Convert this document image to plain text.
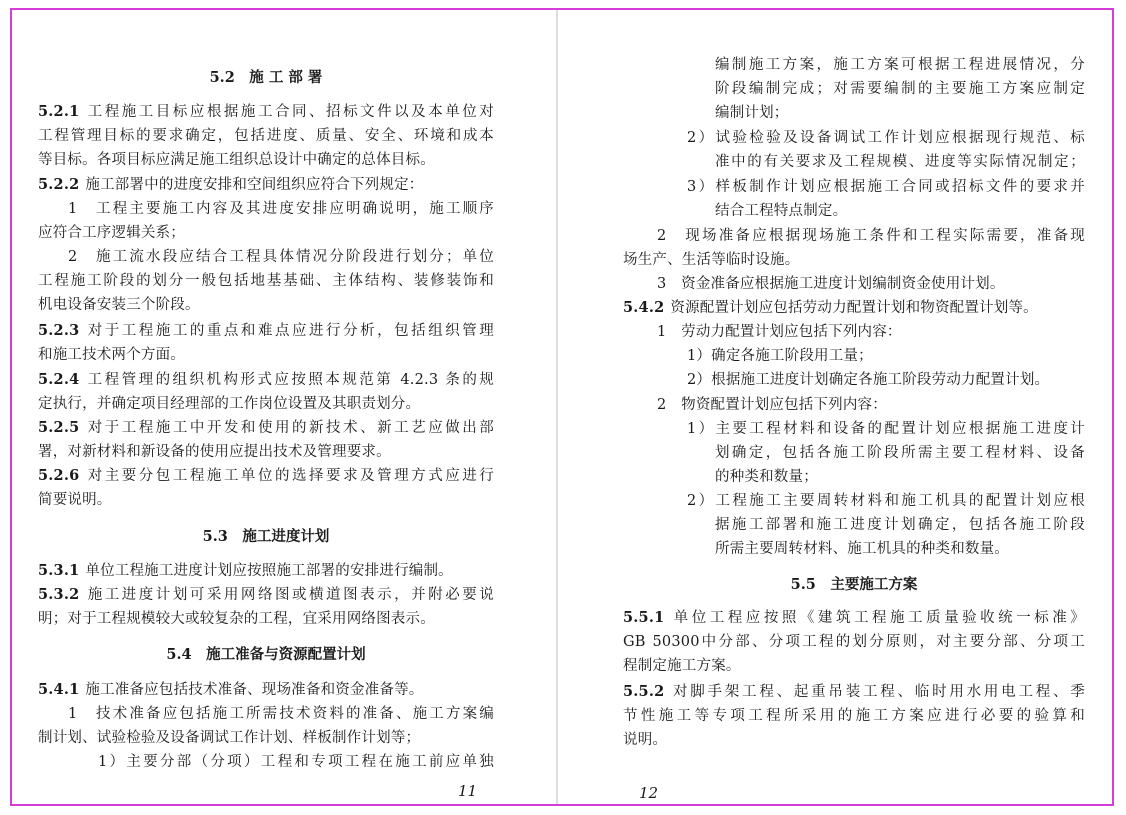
5.2　施 工 部 署
5.2.1 工程施工目标应根据施工合同、招标文件以及本单位对
工程管理目标的要求确定，包括进度、质量、安全、环境和成本
等目标。各项目标应满足施工组织总设计中确定的总体目标。
5.2.2 施工部署中的进度安排和空间组织应符合下列规定：
1　工程主要施工内容及其进度安排应明确说明，施工顺序
应符合工序逻辑关系；
2　施工流水段应结合工程具体情况分阶段进行划分；单位
工程施工阶段的划分一般包括地基基础、主体结构、装修装饰和
机电设备安装三个阶段。
5.2.3 对于工程施工的重点和难点应进行分析，包括组织管理
和施工技术两个方面。
5.2.4 工程管理的组织机构形式应按照本规范第 4.2.3 条的规
定执行，并确定项目经理部的工作岗位设置及其职责划分。
5.2.5 对于工程施工中开发和使用的新技术、新工艺应做出部
署，对新材料和新设备的使用应提出技术及管理要求。
5.2.6 对主要分包工程施工单位的选择要求及管理方式应进行
简要说明。
5.3　施工进度计划
5.3.1 单位工程施工进度计划应按照施工部署的安排进行编制。
5.3.2 施工进度计划可采用网络图或横道图表示，并附必要说
明；对于工程规模较大或较复杂的工程，宜采用网络图表示。
5.4　施工准备与资源配置计划
5.4.1 施工准备应包括技术准备、现场准备和资金准备等。
1　技术准备应包括施工所需技术资料的准备、施工方案编
制计划、试验检验及设备调试工作计划、样板制作计划等；
1）主要分部（分项）工程和专项工程在施工前应单独
11
编制施工方案，施工方案可根据工程进展情况，分
阶段编制完成；对需要编制的主要施工方案应制定
编制计划；
2）试验检验及设备调试工作计划应根据现行规范、标
准中的有关要求及工程规模、进度等实际情况制定；
3）样板制作计划应根据施工合同或招标文件的要求并
结合工程特点制定。
2　现场准备应根据现场施工条件和工程实际需要，准备现
场生产、生活等临时设施。
3　资金准备应根据施工进度计划编制资金使用计划。
5.4.2 资源配置计划应包括劳动力配置计划和物资配置计划等。
1　劳动力配置计划应包括下列内容：
1）确定各施工阶段用工量；
2）根据施工进度计划确定各施工阶段劳动力配置计划。
2　物资配置计划应包括下列内容：
1）主要工程材料和设备的配置计划应根据施工进度计
划确定，包括各施工阶段所需主要工程材料、设备
的种类和数量；
2）工程施工主要周转材料和施工机具的配置计划应根
据施工部署和施工进度计划确定，包括各施工阶段
所需主要周转材料、施工机具的种类和数量。
5.5　主要施工方案
5.5.1 单位工程应按照《建筑工程施工质量验收统一标准》
GB 50300中分部、分项工程的划分原则，对主要分部、分项工
程制定施工方案。
5.5.2 对脚手架工程、起重吊装工程、临时用水用电工程、季
节性施工等专项工程所采用的施工方案应进行必要的验算和
说明。
12
